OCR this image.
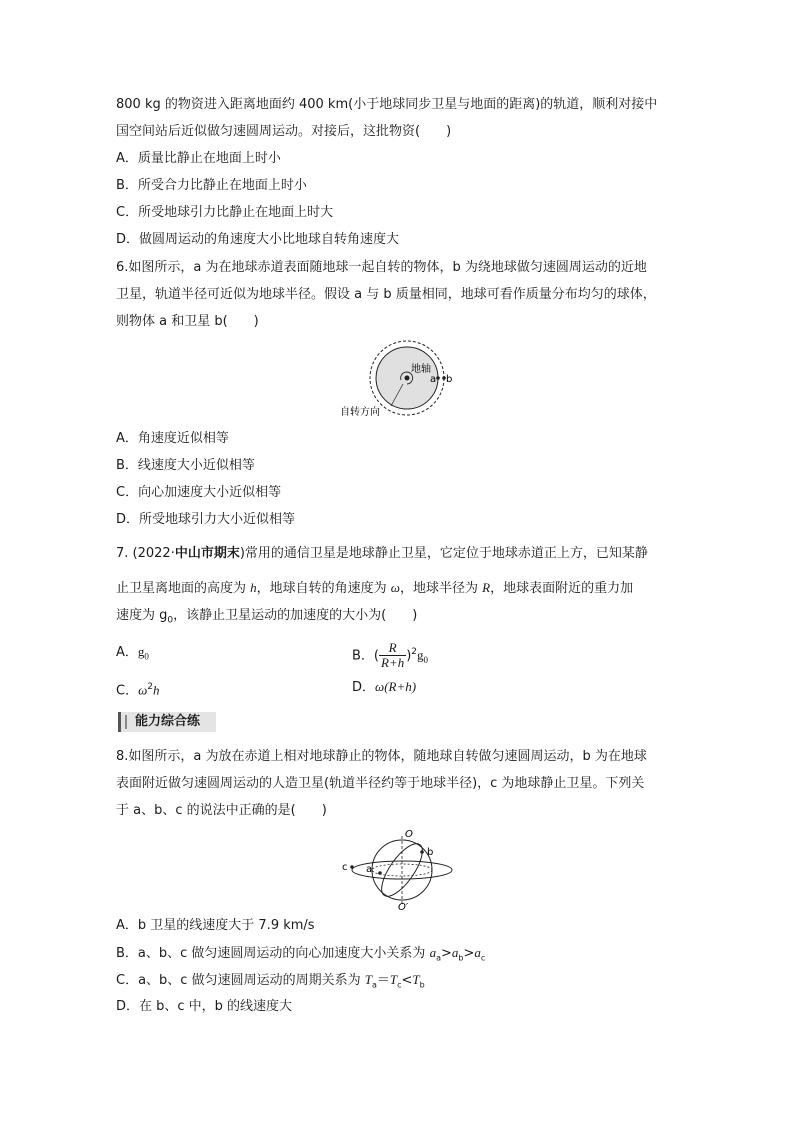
800 kg 的物资进入距离地面约 400 km(小于地球同步卫星与地面的距离)的轨道，顺利对接中
国空间站后近似做匀速圆周运动。对接后，这批物资(　　)
A．质量比静止在地面上时小
B．所受合力比静止在地面上时小
C．所受地球引力比静止在地面上时大
D．做圆周运动的角速度大小比地球自转角速度大
6.如图所示，a 为在地球赤道表面随地球一起自转的物体，b 为绕地球做匀速圆周运动的近地
卫星，轨道半径可近似为地球半径。假设 a 与 b 质量相同，地球可看作质量分布均匀的球体，
则物体 a 和卫星 b(　　)
地轴
a b
自转方向
A．角速度近似相等
B．线速度大小近似相等
C．向心加速度大小近似相等
D．所受地球引力大小近似相等
7. (2022·中山市期末)常用的通信卫星是地球静止卫星，它定位于地球赤道正上方，已知某静
止卫星离地面的高度为 h，地球自转的角速度为 ω，地球半径为 R，地球表面附近的重力加
速度为 $g_0$，该静止卫星运动的加速度的大小为(　　)
A．$g_0$	B．( $\frac{R}{R+h} )^2g_0$
C．$\omega^2h$	D．ω(R+h)
能力综合练
8.如图所示，a 为放在赤道上相对地球静止的物体，随地球自转做匀速圆周运动，b 为在地球
表面附近做匀速圆周运动的人造卫星(轨道半径约等于地球半径)，c 为地球静止卫星。下列关
于 a、b、c 的说法中正确的是(　　)
O
O′
a
b
c
A．b 卫星的线速度大于 7.9 km/s
B．a、b、c 做匀速圆周运动的向心加速度大小关系为 $a_a>a_b>a_c$
C．a、b、c 做匀速圆周运动的周期关系为 $T_a=T_c<T_b$
D．在 b、c 中，b 的线速度大
